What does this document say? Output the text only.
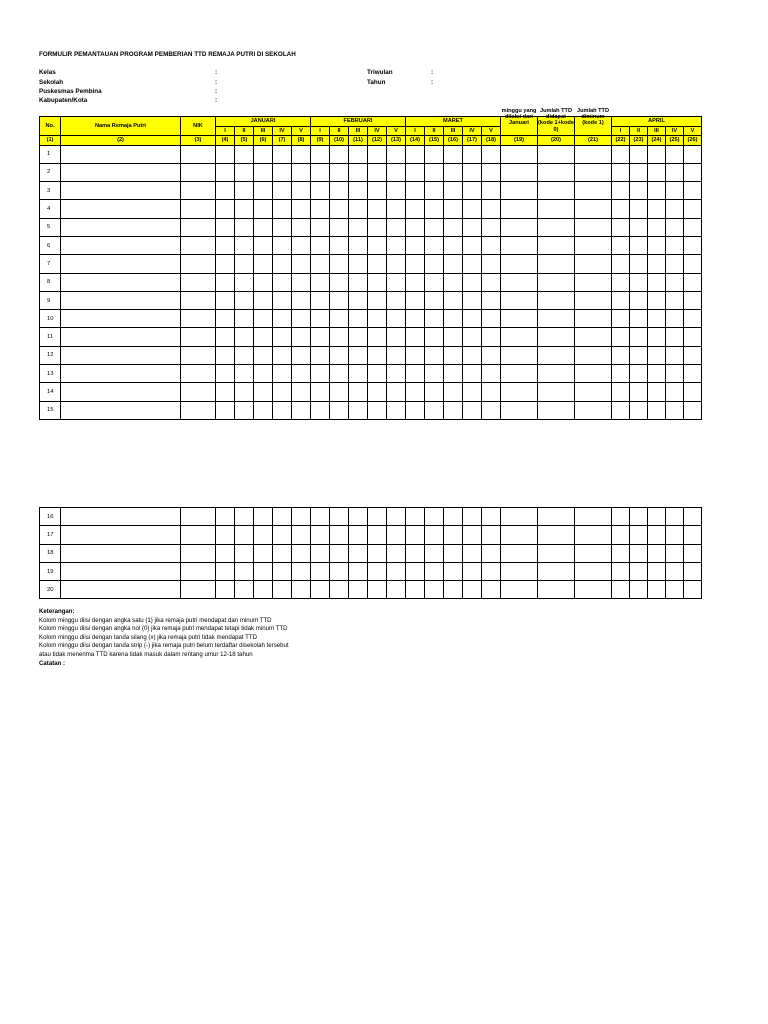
FORMULIR PEMANTAUAN PROGRAM PEMBERIAN TTD REMAJA PUTRI DI SEKOLAH
Kelas	:
Sekolah	:
Puskesmas Pembina	:
Kabupaten/Kota	:
Triwulan	:
Tahun	:
No.	Nama Remaja Putri	NIK	JANUARI					FEBRUARI					MARET					minggu yang dilalui dari Januari	Jumlah TTD didapat (kode 1+kode 0)	Jumlah TTD diminum (kode 1)	APRIL				
			I	II	III	IV	V	I	II	III	IV	V	I	II	III	IV	V				I	II	III	IV	V
(1)	(2)	(3)	(4)	(5)	(6)	(7)	(8)	(9)	(10)	(11)	(12)	(13)	(14)	(15)	(16)	(17)	(18)	(19)	(20)	(21)	(22)	(23)	(24)	(25)	(26)
1																									
2																									
3																									
4																									
5																									
6																									
7																									
8																									
9																									
10																									
11																									
12																									
13																									
14																									
15																									
16																									
17																									
18																									
19																									
20																									
Keterangan:
Kolom minggu diisi dengan angka satu (1) jika remaja putri mendapat dan minum TTD
Kolom minggu diisi dengan angka nol (0) jika remaja putri mendapat tetapi tidak minum TTD
Kolom minggu diisi dengan tanda silang (x) jika remaja putri tidak mendapat TTD
Kolom minggu diisi dengan tanda strip (-) jika remaja putri belum terdaftar disekolah tersebut
atau tidak menerima TTD karena tidak masuk dalam rentang umur 12-18 tahun
Catatan :
